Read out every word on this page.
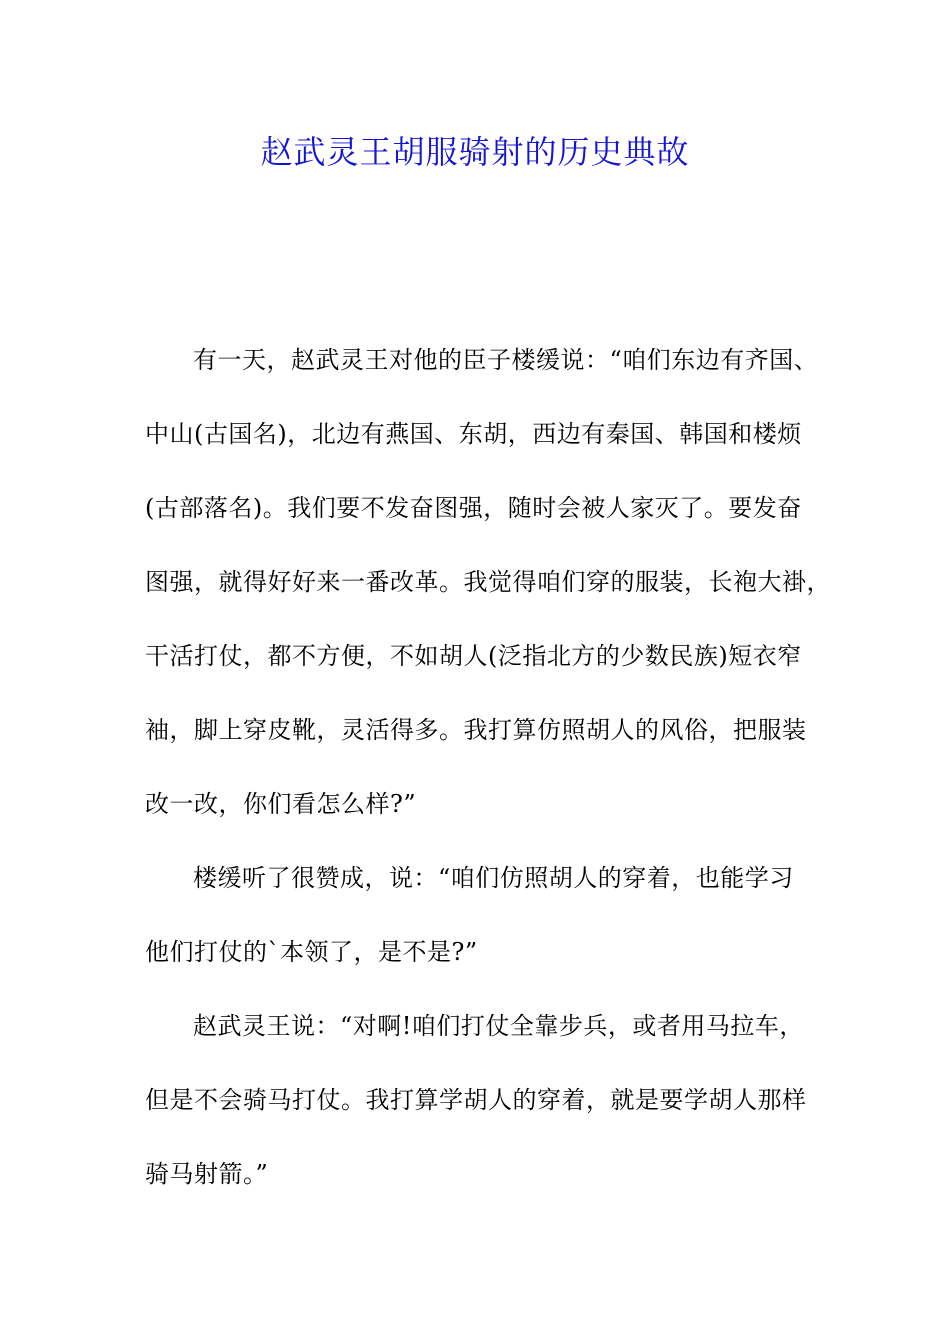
赵武灵王胡服骑射的历史典故
有一天，赵武灵王对他的臣子楼缓说：“咱们东边有齐国、
中山(古国名)，北边有燕国、东胡，西边有秦国、韩国和楼烦
(古部落名)。我们要不发奋图强，随时会被人家灭了。要发奋
图强，就得好好来一番改革。我觉得咱们穿的服装，长袍大褂，
干活打仗，都不方便，不如胡人(泛指北方的少数民族)短衣窄
袖，脚上穿皮靴，灵活得多。我打算仿照胡人的风俗，把服装
改一改，你们看怎么样?”
楼缓听了很赞成，说：“咱们仿照胡人的穿着，也能学习
他们打仗的`本领了，是不是?”
赵武灵王说：“对啊!咱们打仗全靠步兵，或者用马拉车，
但是不会骑马打仗。我打算学胡人的穿着，就是要学胡人那样
骑马射箭。”
